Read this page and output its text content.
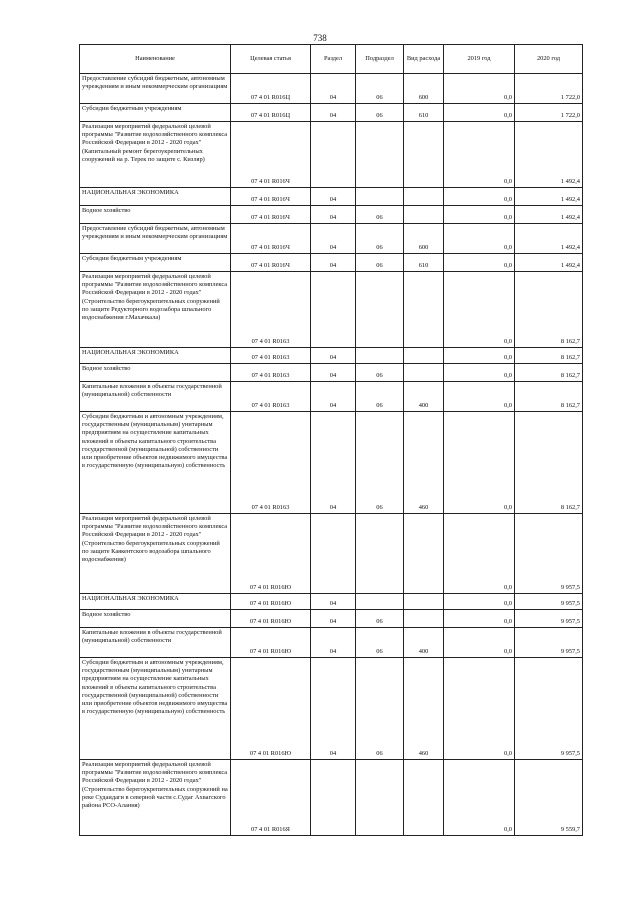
738
Наименование	Целевая статья	Раздел	Подраздел	Вид расхода	2019 год	2020 год
Предоставление субсидий бюджетным, автономным учреждениям и иным некоммерческим организациям	07 4 01 R016Ц	04	06	600	0,0	1 722,0
Субсидии бюджетным учреждениям	07 4 01 R016Ц	04	06	610	0,0	1 722,0
Реализация мероприятий федеральной целевой программы "Развитие водохозяйственного комплекса Российской Федерации в 2012 - 2020 годах" (Капитальный ремонт берегоукрепительных сооружений на р. Терек по защите с. Кизляр)	07 4 01 R016Ч				0,0	1 492,4
НАЦИОНАЛЬНАЯ ЭКОНОМИКА	07 4 01 R016Ч	04			0,0	1 492,4
Водное хозяйство	07 4 01 R016Ч	04	06		0,0	1 492,4
Предоставление субсидий бюджетным, автономным учреждениям и иным некоммерческим организациям	07 4 01 R016Ч	04	06	600	0,0	1 492,4
Субсидии бюджетным учреждениям	07 4 01 R016Ч	04	06	610	0,0	1 492,4
Реализация мероприятий федеральной целевой программы "Развитие водохозяйственного комплекса Российской Федерации в 2012 - 2020 годах" (Строительство берегоукрепительных сооружений по защите Редукторного водозабора шпального водоснабжения г.Махачкала)	07 4 01 R0163				0,0	8 162,7
НАЦИОНАЛЬНАЯ ЭКОНОМИКА	07 4 01 R0163	04			0,0	8 162,7
Водное хозяйство	07 4 01 R0163	04	06		0,0	8 162,7
Капитальные вложения в объекты государственной (муниципальной) собственности	07 4 01 R0163	04	06	400	0,0	8 162,7
Субсидии бюджетным и автономным учреждениям, государственным (муниципальным) унитарным предприятиям на осуществление капитальных вложений в объекты капитального строительства государственной (муниципальной) собственности или приобретение объектов недвижимого имущества в государственную (муниципальную) собственность	07 4 01 R0163	04	06	460	0,0	8 162,7
Реализация мероприятий федеральной целевой программы "Развитие водохозяйственного комплекса Российской Федерации в 2012 - 2020 годах" (Строительство берегоукрепительных сооружений по защите Каякентского водозабора шпального водоснабжения)	07 4 01 R016Ю				0,0	9 957,5
НАЦИОНАЛЬНАЯ ЭКОНОМИКА	07 4 01 R016Ю	04			0,0	9 957,5
Водное хозяйство	07 4 01 R016Ю	04	06		0,0	9 957,5
Капитальные вложения в объекты государственной (муниципальной) собственности	07 4 01 R016Ю	04	06	400	0,0	9 957,5
Субсидии бюджетным и автономным учреждениям, государственным (муниципальным) унитарным предприятиям на осуществление капитальных вложений в объекты капитального строительства государственной (муниципальной) собственности или приобретение объектов недвижимого имущества в государственную (муниципальную) собственность	07 4 01 R016Ю	04	06	460	0,0	9 957,5
Реализация мероприятий федеральной целевой программы "Развитие водохозяйственного комплекса Российской Федерации в 2012 - 2020 годах" (Строительство берегоукрепительных сооружений на реке Судаидаги в северной части с.Судаг Ахвагского района РСО-Алания)	07 4 01 R016Я				0,0	9 559,7
